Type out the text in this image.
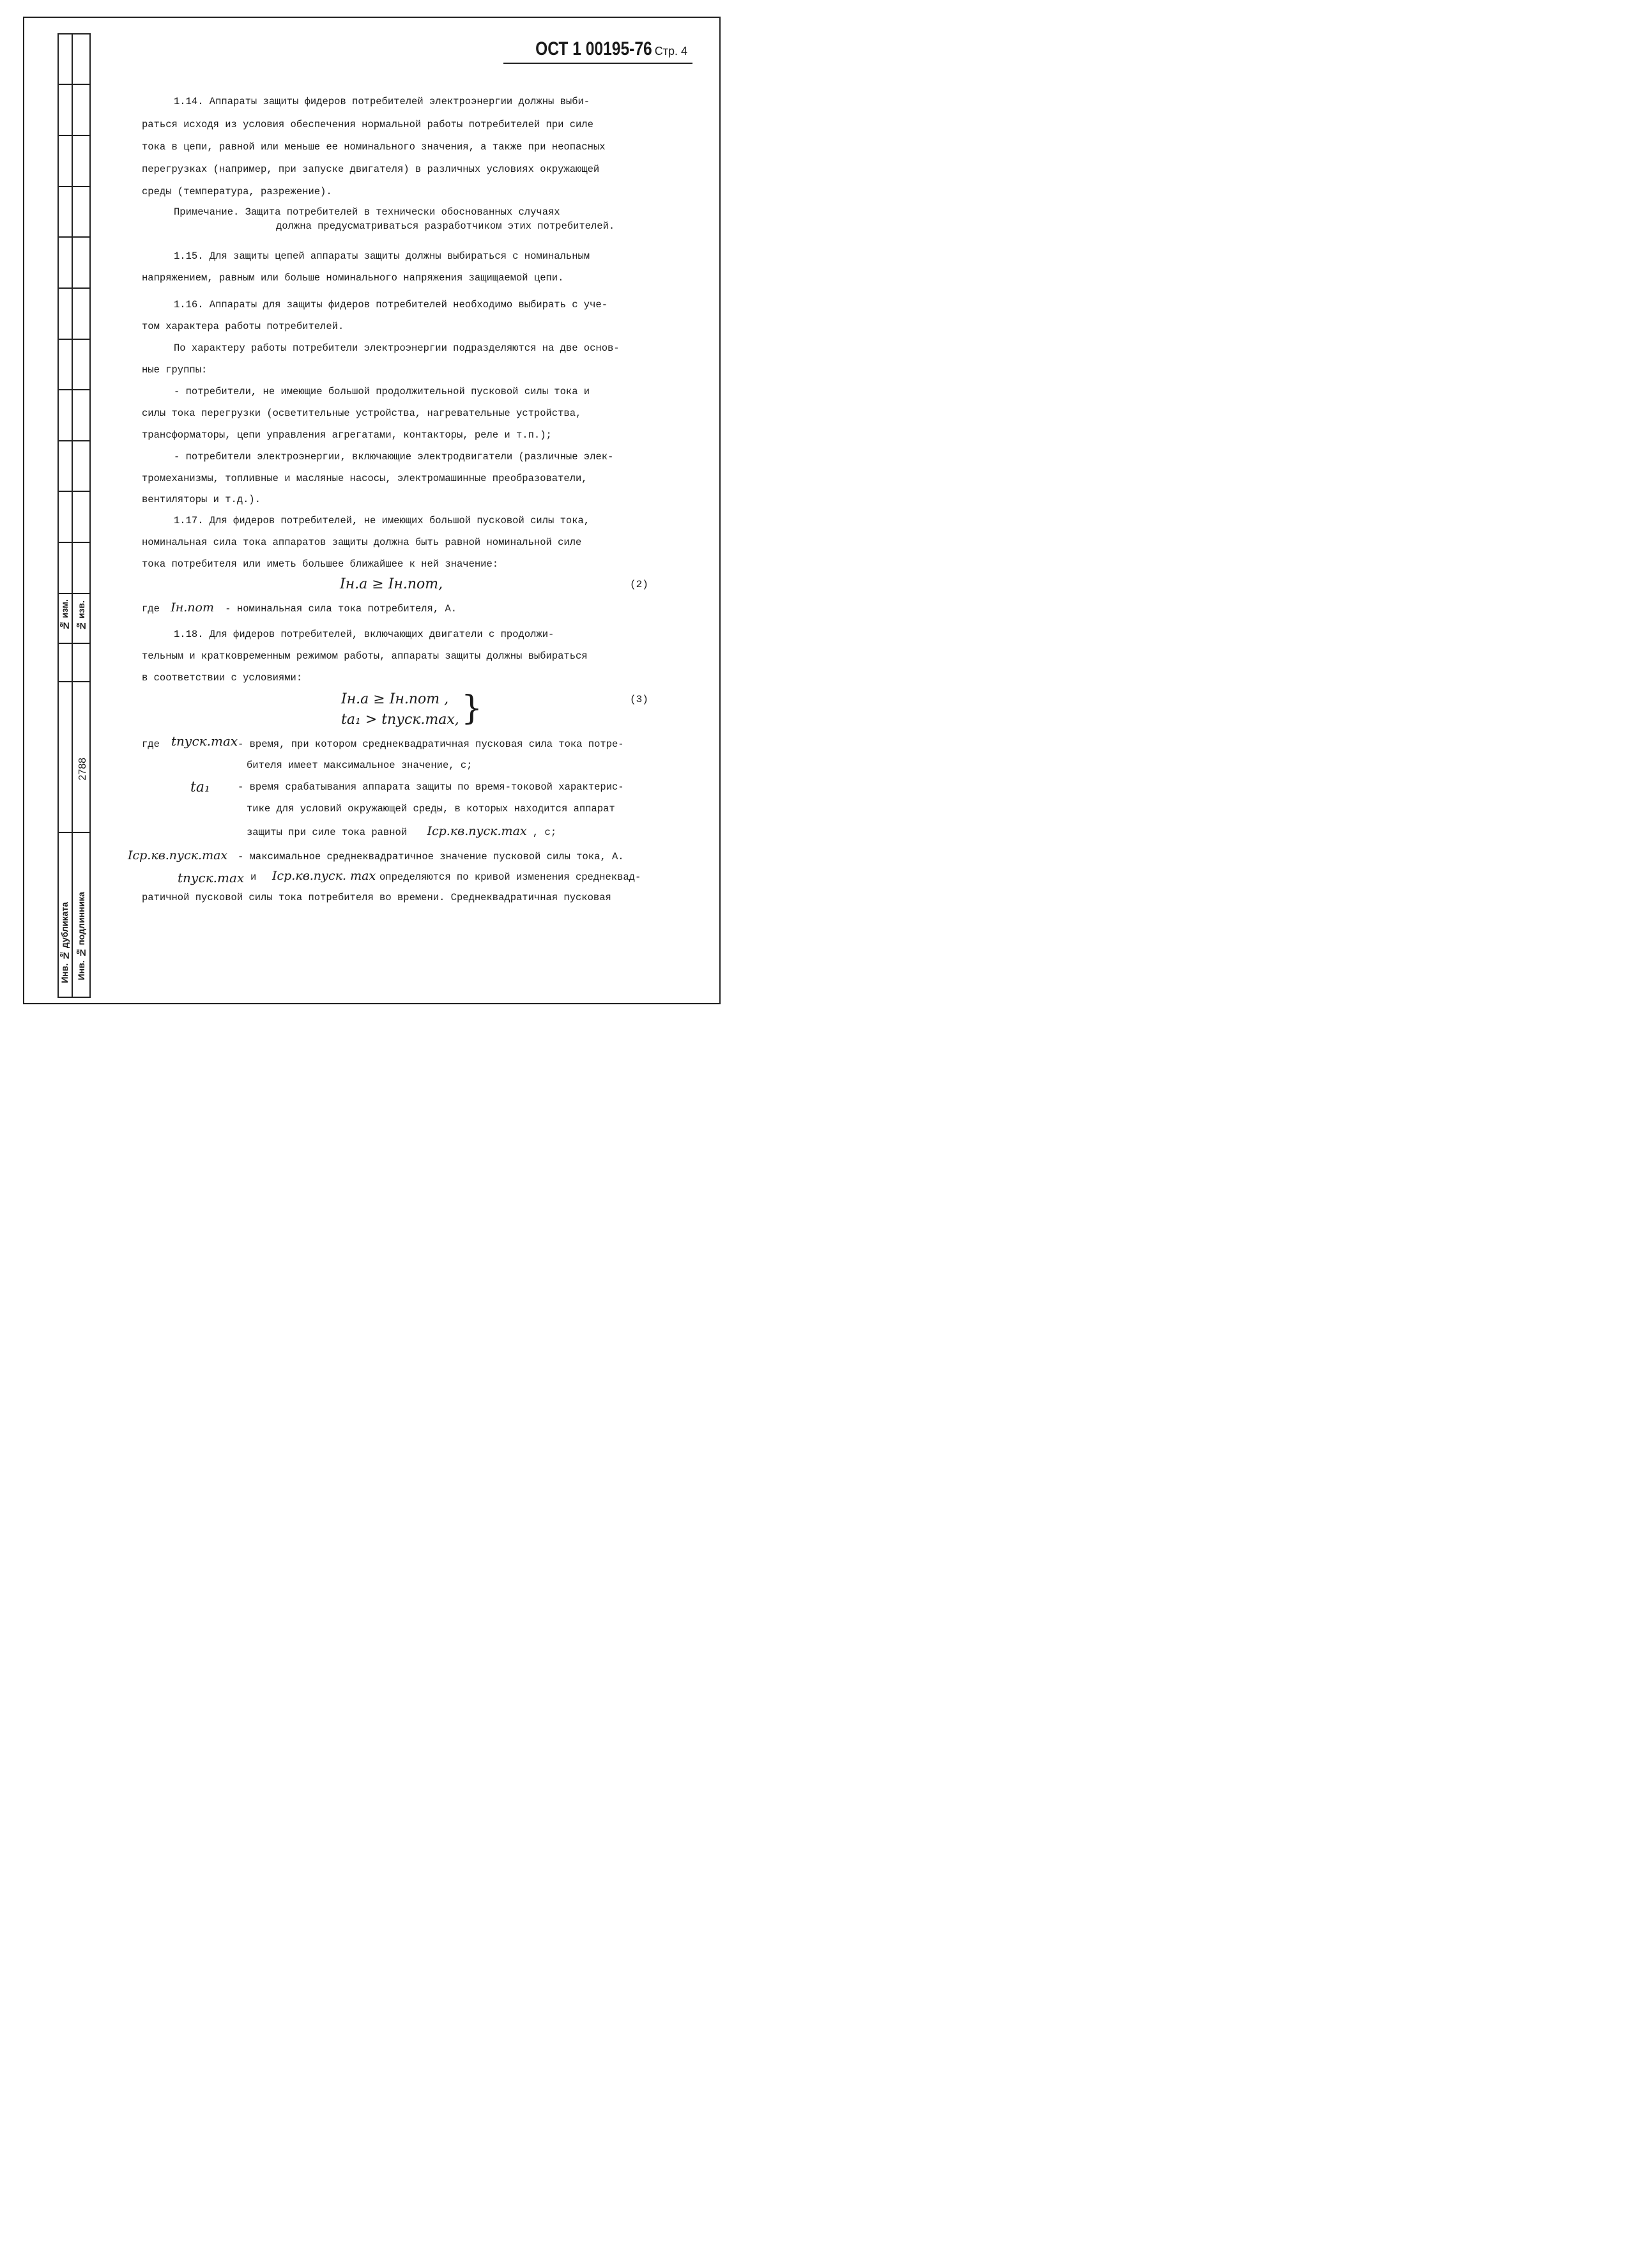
№ изм. № изв.
2788
Инв. № дубликата Инв. № подлинника
ОСТ 1 00195-76 Стр. 4
1.14. Аппараты защиты фидеров потребителей электроэнергии должны выби-
раться исходя из условия обеспечения нормальной работы потребителей при силе
тока в цепи, равной или меньше ее номинального значения, а также при неопасных
перегрузках (например, при запуске двигателя) в различных условиях окружающей
среды (температура, разрежение).
Примечание. Защита потребителей в технически обоснованных случаях
должна предусматриваться разработчиком этих потребителей.
1.15. Для защиты цепей аппараты защиты должны выбираться с номинальным
напряжением, равным или больше номинального напряжения защищаемой цепи.
1.16. Аппараты для защиты фидеров потребителей необходимо выбирать с уче-
том характера работы потребителей.
По характеру работы потребители электроэнергии подразделяются на две основ-
ные группы:
- потребители, не имеющие большой продолжительной пусковой силы тока и
силы тока перегрузки (осветительные устройства, нагревательные устройства,
трансформаторы, цепи управления агрегатами, контакторы, реле и т.п.);
- потребители электроэнергии, включающие электродвигатели (различные элек-
тромеханизмы, топливные и масляные насосы, электромашинные преобразователи,
вентиляторы и т.д.).
1.17. Для фидеров потребителей, не имеющих большой пусковой силы тока,
номинальная сила тока аппаратов защиты должна быть равной номинальной силе
тока потребителя или иметь большее ближайшее к ней значение:
Iн.а ≥ Iн.пот,	(2)
где Iн.пот - номинальная сила тока потребителя, А.
1.18. Для фидеров потребителей, включающих двигатели с продолжи-
тельным и кратковременным режимом работы, аппараты защиты должны выбираться
в соответствии с условиями:
Iн.а ≥ Iн.пот ,
tа₁ > tпуск.max, }	(3)
где tпуск.max - время, при котором среднеквадратичная пусковая сила тока потре-
бителя имеет максимальное значение, с;
tа₁	- время срабатывания аппарата защиты по время-токовой характерис-
тике для условий окружающей среды, в которых находится аппарат
защиты при силе тока равной Iср.кв.пуск.max , с;
Iср.кв.пуск.max - максимальное среднеквадратичное значение пусковой силы тока, А.
tпуск.max и	Iср.кв.пуск. max определяются по кривой изменения среднеквад-
ратичной пусковой силы тока потребителя во времени. Среднеквадратичная пусковая
